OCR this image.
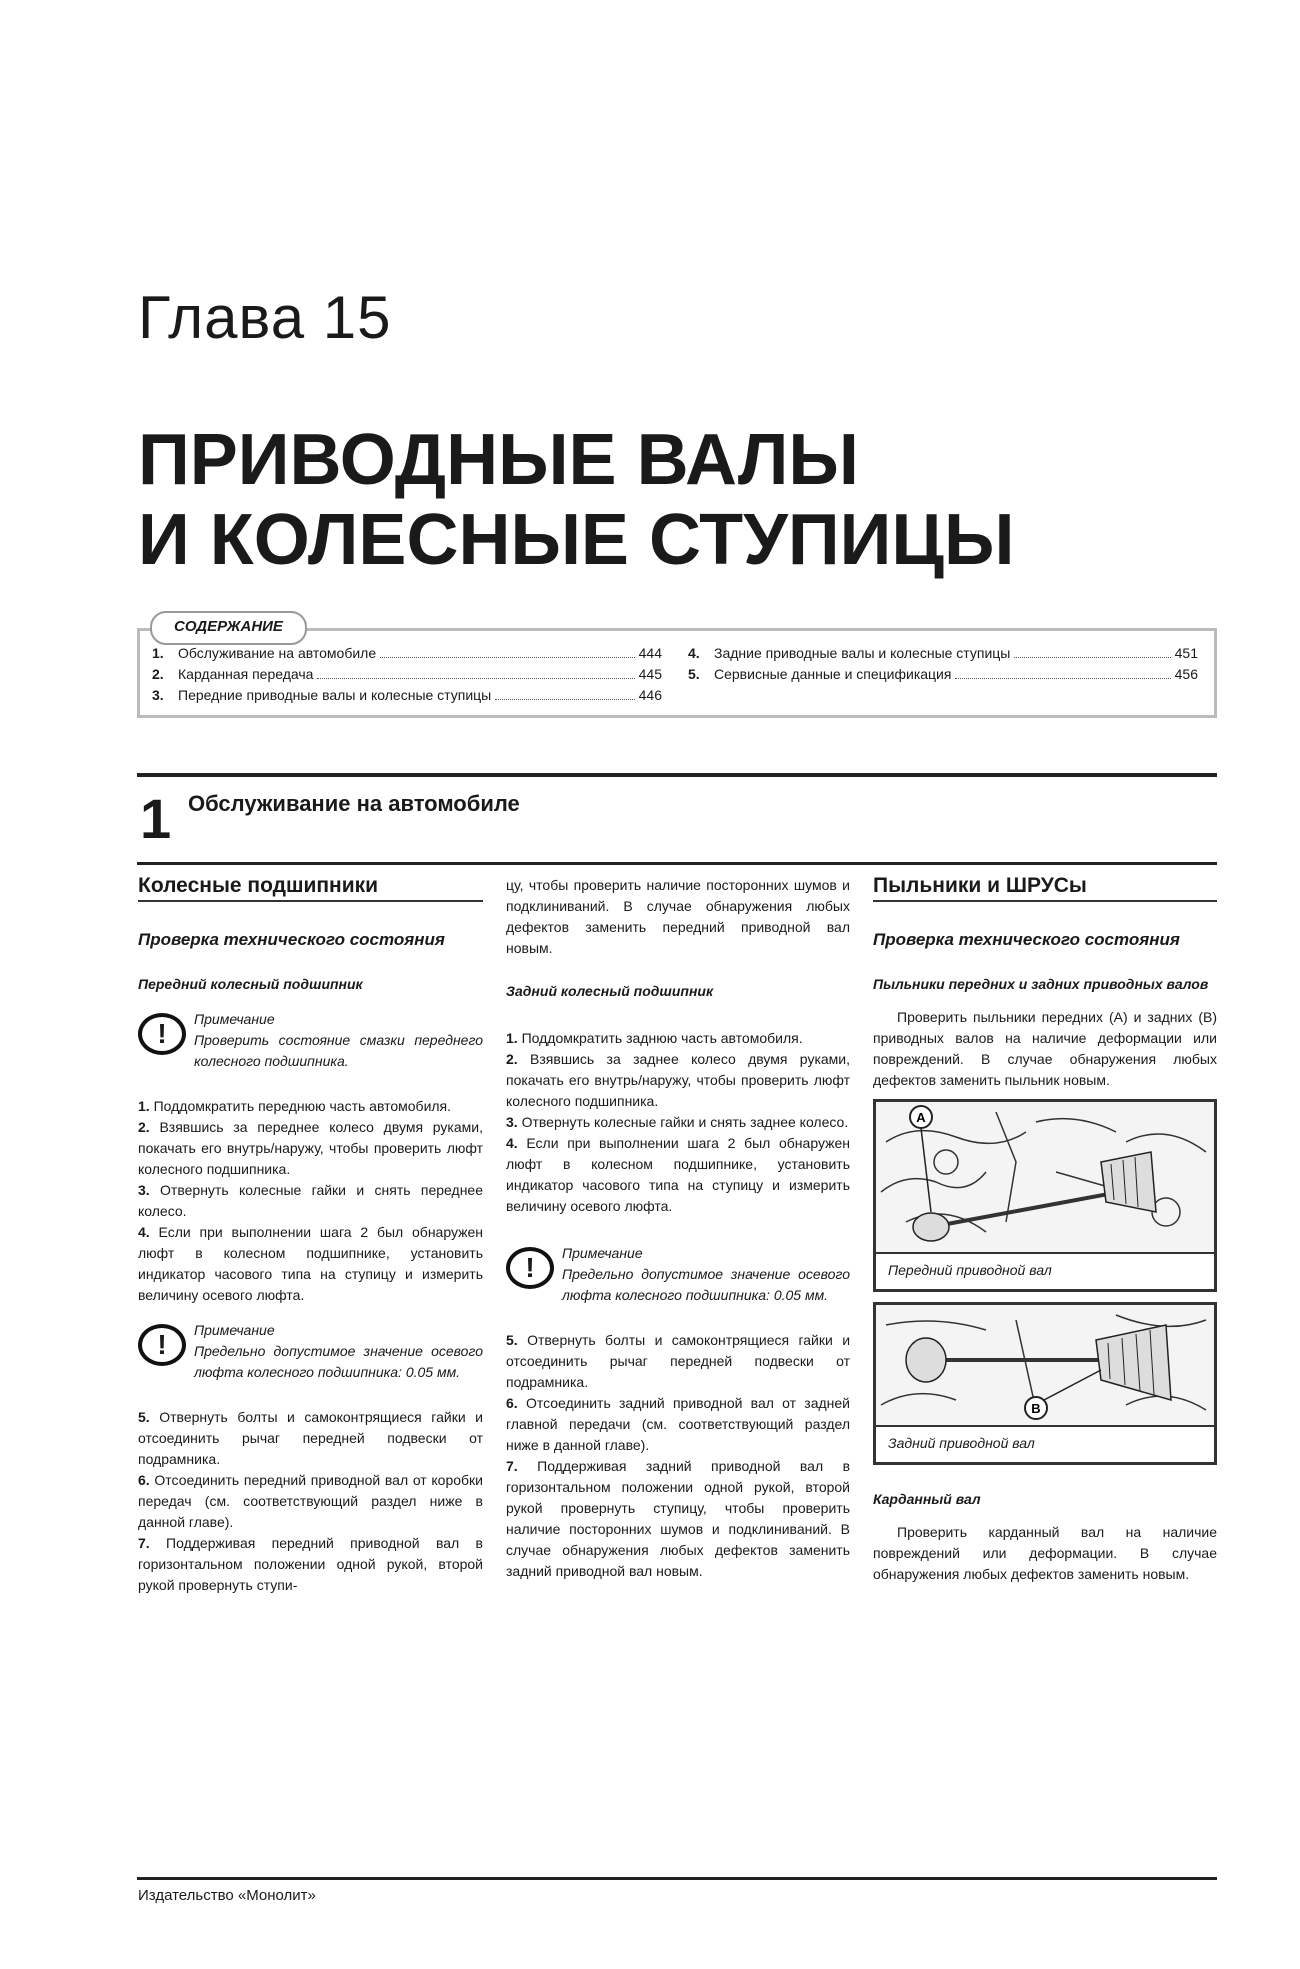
Глава 15
ПРИВОДНЫЕ ВАЛЫ
И КОЛЕСНЫЕ СТУПИЦЫ
1.	Обслуживание на автомобиле	444
2.	Карданная передача	445
3.	Передние приводные валы и колесные ступицы	446
4.	Задние приводные валы и колесные ступицы	451
5.	Сервисные данные и спецификация	456
СОДЕРЖАНИЕ
1 Обслуживание на автомобиле
Колесные подшипники
Проверка технического состояния
Передний колесный подшипник
!	Примечание
Проверить состояние смазки переднего колесного подшипника.

1. Поддомкратить переднюю часть автомобиля.

2. Взявшись за переднее колесо двумя руками, покачать его внутрь/наружу, чтобы проверить люфт колесного подшипника.

3. Отвернуть колесные гайки и снять переднее колесо.

4. Если при выполнении шага 2 был обнаружен люфт в колесном подшипнике, установить индикатор часового типа на ступицу и измерить величину осевого люфта.

!	Примечание
Предельно допустимое значение осевого люфта колесного подшипника: 0.05 мм.

5. Отвернуть болты и самоконтрящиеся гайки и отсоединить рычаг передней подвески от подрамника.

6. Отсоединить передний приводной вал от коробки передач (см. соответствующий раздел ниже в данной главе).

7. Поддерживая передний приводной вал в горизонтальном положении одной рукой, второй рукой провернуть ступи-

цу, чтобы проверить наличие посторонних шумов и подклиниваний. В случае обнаружения любых дефектов заменить передний приводной вал новым.

Задний колесный подшипник

1. Поддомкратить заднюю часть автомобиля.

2. Взявшись за заднее колесо двумя руками, покачать его внутрь/наружу, чтобы проверить люфт колесного подшипника.

3. Отвернуть колесные гайки и снять заднее колесо.

4. Если при выполнении шага 2 был обнаружен люфт в колесном подшипнике, установить индикатор часового типа на ступицу и измерить величину осевого люфта.

!	Примечание
Предельно допустимое значение осевого люфта колесного подшипника: 0.05 мм.

5. Отвернуть болты и самоконтрящиеся гайки и отсоединить рычаг передней подвески от подрамника.

6. Отсоединить задний приводной вал от задней главной передачи (см. соответствующий раздел ниже в данной главе).

7. Поддерживая задний приводной вал в горизонтальном положении одной рукой, второй рукой провернуть ступицу, чтобы проверить наличие посторонних шумов и подклиниваний. В случае обнаружения любых дефектов заменить задний приводной вал новым.

Пыльники и ШРУСы
Проверка технического состояния
Пыльники передних и задних приводных валов

Проверить пыльники передних (A) и задних (B) приводных валов на наличие деформации или повреждений. В случае обнаружения любых дефектов заменить пыльник новым.

A
Передний приводной вал
B
Задний приводной вал
Карданный вал

Проверить карданный вал на наличие повреждений или деформации. В случае обнаружения любых дефектов заменить новым.

Издательство «Монолит»
